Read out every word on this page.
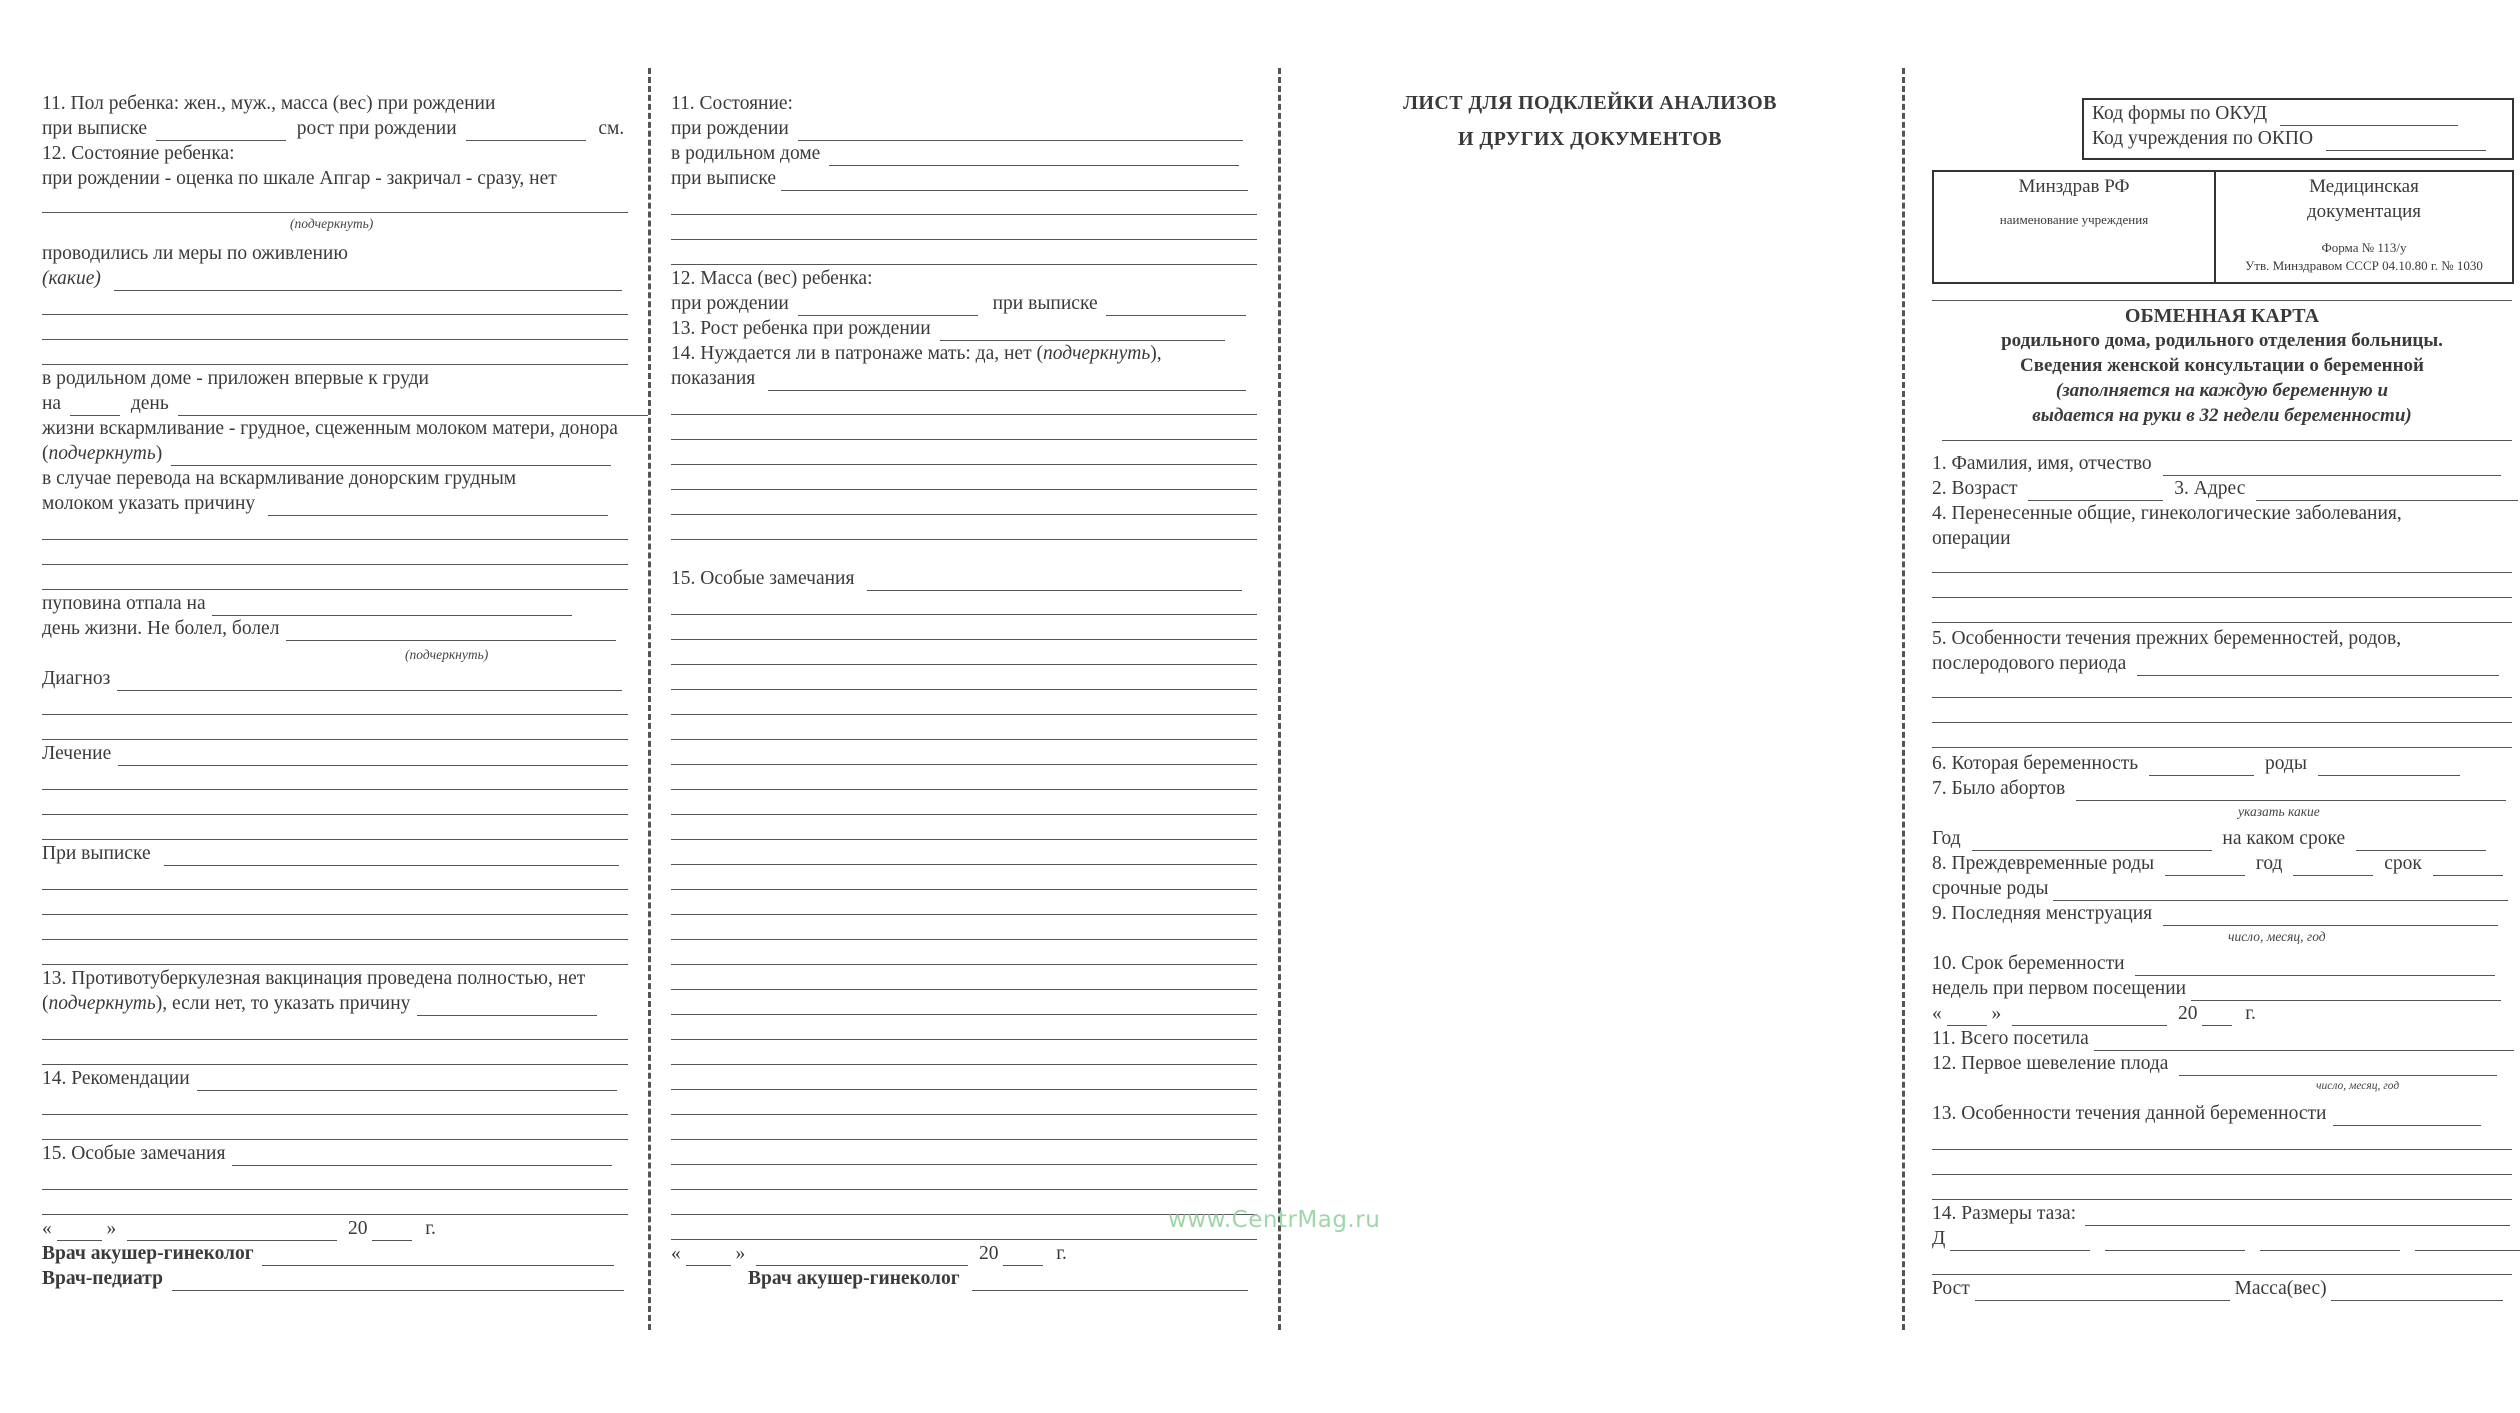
11. Пол ребенка: жен., муж., масса (вес) при рождении
при выписке	рост при рождении	см.
12. Состояние ребенка:
при рождении - оценка по шкале Апгар - закричал - сразу, нет
(подчеркнуть)
проводились ли меры по оживлению
(какие)
в родильном доме - приложен впервые к груди
на	день
жизни вскармливание - грудное, сцеженным молоком матери, донора
(подчеркнуть)
в случае перевода на вскармливание донорским грудным
молоком указать причину
пуповина отпала на
день жизни. Не болел, болел
(подчеркнуть)
Диагноз
Лечение
При выписке
13. Противотуберкулезная вакцинация проведена полностью, нет
(подчеркнуть), если нет, то указать причину
14. Рекомендации
15. Особые замечания
«	»	20	г.
Врач акушер-гинеколог
Врач-педиатр
11. Состояние:
при рождении
в родильном доме
при выписке
12. Масса (вес) ребенка:
при рождении	при выписке
13. Рост ребенка при рождении
14. Нуждается ли в патронаже мать: да, нет (подчеркнуть),
показания
15. Особые замечания
«	»	20	г.
Врач акушер-гинеколог
ЛИСТ ДЛЯ ПОДКЛЕЙКИ АНАЛИЗОВ
И ДРУГИХ ДОКУМЕНТОВ
www.CentrMag.ru
Код формы по ОКУД
Код учреждения по ОКПО
Минздрав РФ
наименование учреждения
Медицинская
документация
Форма № 113/у
Утв. Минздравом СССР 04.10.80 г. № 1030
ОБМЕННАЯ КАРТА
родильного дома, родильного отделения больницы.
Сведения женской консультации о беременной
(заполняется на каждую беременную и
выдается на руки в 32 недели беременности)
1. Фамилия, имя, отчество
2. Возраст	3. Адрес
4. Перенесенные общие, гинекологические заболевания,
операции
5. Особенности течения прежних беременностей, родов,
послеродового периода
6. Которая беременность	роды
7. Было абортов
указать какие
Год	на каком сроке
8. Преждевременные роды	год	срок
срочные роды
9. Последняя менструация
число, месяц, год
10. Срок беременности
недель при первом посещении
«	»	20 г.
11. Всего посетила
12. Первое шевеление плода
число, месяц, год
13. Особенности течения данной беременности
14. Размеры таза:
Д
Рост	Масса(вес)
